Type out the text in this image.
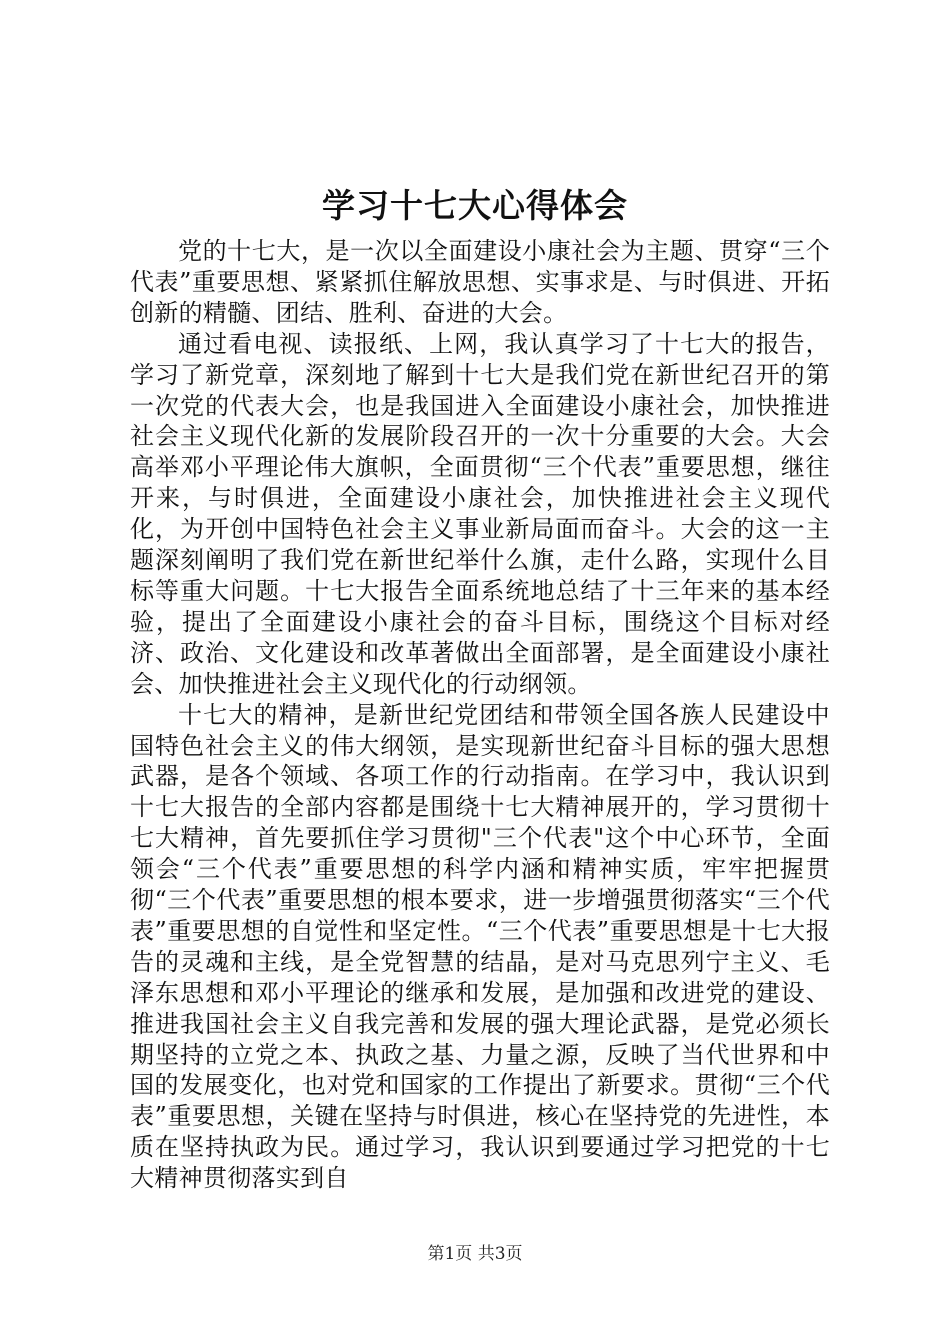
学习十七大心得体会

党的十七大，是一次以全面建设小康社会为主题、贯穿“三个代表”重要思想、紧紧抓住解放思想、实事求是、与时俱进、开拓创新的精髓、团结、胜利、奋进的大会。

通过看电视、读报纸、上网，我认真学习了十七大的报告，学习了新党章，深刻地了解到十七大是我们党在新世纪召开的第一次党的代表大会，也是我国进入全面建设小康社会，加快推进社会主义现代化新的发展阶段召开的一次十分重要的大会。大会高举邓小平理论伟大旗帜，全面贯彻“三个代表”重要思想，继往开来，与时俱进，全面建设小康社会，加快推进社会主义现代化，为开创中国特色社会主义事业新局面而奋斗。大会的这一主题深刻阐明了我们党在新世纪举什么旗，走什么路，实现什么目标等重大问题。十七大报告全面系统地总结了十三年来的基本经验，提出了全面建设小康社会的奋斗目标，围绕这个目标对经济、政治、文化建设和改革著做出全面部署，是全面建设小康社会、加快推进社会主义现代化的行动纲领。

十七大的精神，是新世纪党团结和带领全国各族人民建设中国特色社会主义的伟大纲领，是实现新世纪奋斗目标的强大思想武器，是各个领域、各项工作的行动指南。在学习中，我认识到十七大报告的全部内容都是围绕十七大精神展开的，学习贯彻十七大精神，首先要抓住学习贯彻"三个代表"这个中心环节，全面领会“三个代表”重要思想的科学内涵和精神实质，牢牢把握贯彻“三个代表”重要思想的根本要求，进一步增强贯彻落实“三个代表”重要思想的自觉性和坚定性。“三个代表”重要思想是十七大报告的灵魂和主线，是全党智慧的结晶，是对马克思列宁主义、毛泽东思想和邓小平理论的继承和发展，是加强和改进党的建设、推进我国社会主义自我完善和发展的强大理论武器，是党必须长期坚持的立党之本、执政之基、力量之源，反映了当代世界和中国的发展变化，也对党和国家的工作提出了新要求。贯彻“三个代表”重要思想，关键在坚持与时俱进，核心在坚持党的先进性，本质在坚持执政为民。通过学习，我认识到要通过学习把党的十七大精神贯彻落实到自

第1页 共3页
